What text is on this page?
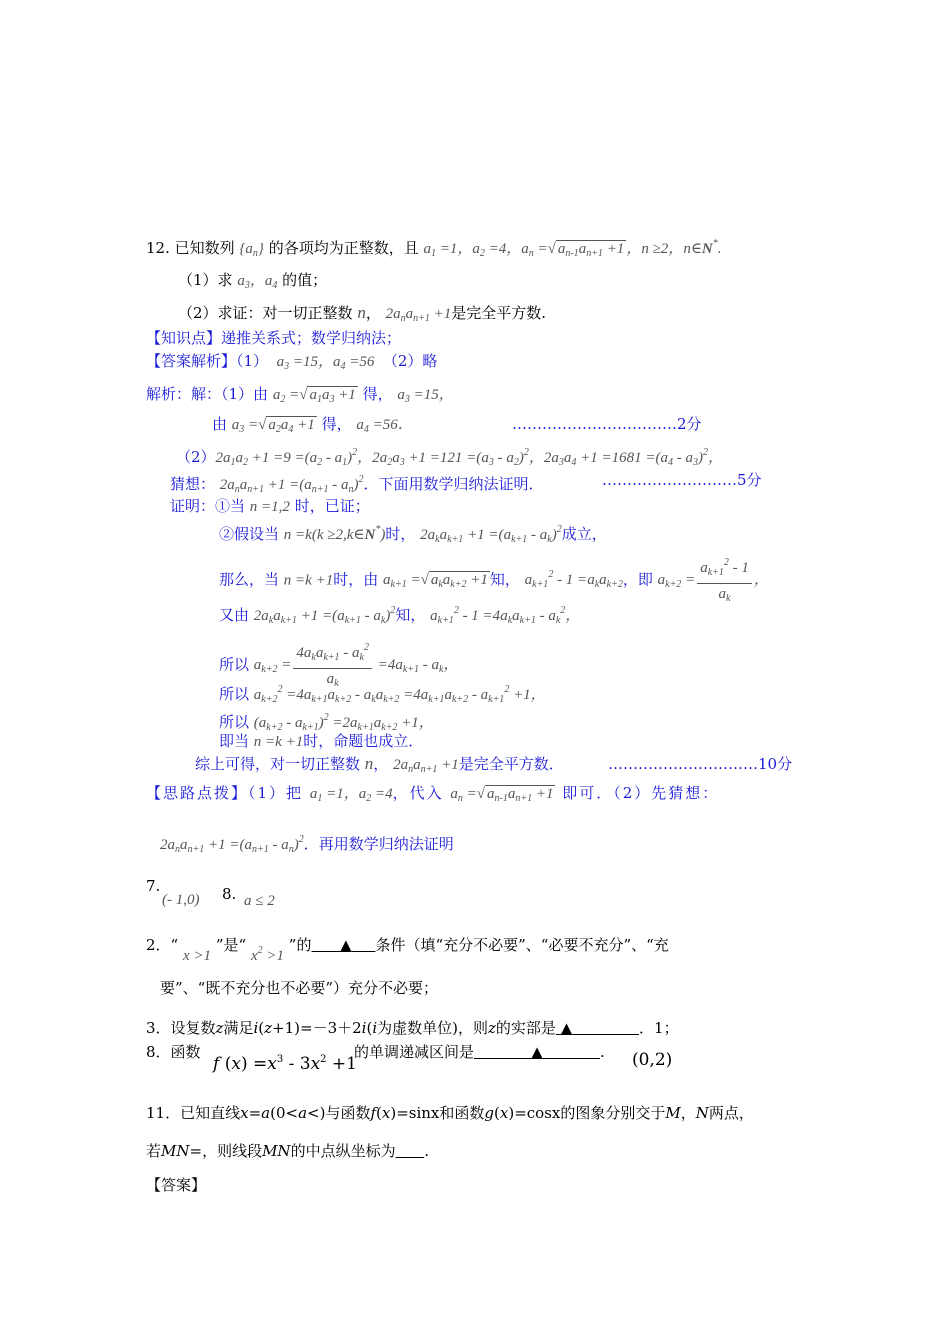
12. 已知数列 $\{a_n\}$ 的各项均为正整数，且 $a_1 =1$，$a_2 =4$，$a_n$ =√ $a_{n-1}a_{n+1} +1$ ，n ≥2，n∈N*.
（1）求 $a_3$，$a_4$ 的值；
（2）求证：对一切正整数 n， $2a_na_{n+1} +1$是完全平方数.
【知识点】递推关系式；数学归纳法；
【答案解析】（1） $a_3 =15$，$a_4 =56$  （2）略
解析：解：（1）由 $a_2$ =√ $a_1a_3 +1$ 得， $a_3 =15$，
由 $a_3$ =√ $a_2a_4 +1$ 得， $a_4 =56$．	……………………………2分
$(2)2a_1a_2 +1 =9 =(a_2 - a_1)^2$，$2a_2a_3 +1 =121 =(a_3 - a_2)^2$，$2a_3a_4 +1 =1681 =(a_4 - a_3)^2$，
猜想： $2a_na_{n+1} +1 =(a_{n+1} - a_n)^2$．下面用数学归纳法证明．	………………………5分
证明：①当 n =1,2 时，已证；
②假设当 n =k(k ≥2,k∈N*)时， $2a_ka_{k+1} +1 =(a_{k+1} - a_k)^2$成立，
那么，当 n =k +1时，由 $a_{k+1}$ =√ $a_ka_{k+2} +1$ 知， $a_{k+1}^2 - 1 =a_ka_{k+2}$，即 $a_{k+2} = \frac{a_{k+1}^2 - 1}{a_k}$ ，
又由 $2a_ka_{k+1} +1 =(a_{k+1} - a_k)^2$知， $a_{k+1}^2 - 1 =4a_ka_{k+1} - a_k^2$，
所以 $a_{k+2} = \frac{4a_ka_{k+1} - a_k^2}{a_k} =4a_{k+1} - a_k$，
所以 $a_{k+2}^2 =4a_{k+1}a_{k+2} - a_ka_{k+2} =4a_{k+1}a_{k+2} - a_{k+1}^2 +1$，
所以 $(a_{k+2} - a_{k+1})^2 =2a_{k+1}a_{k+2} +1$，
即当 n =k +1时，命题也成立．
综上可得，对一切正整数 n， $2a_na_{n+1} +1$是完全平方数．	…………………………10分
【思路点拨】（1）把 $a_1 =1$，$a_2 =4$，代入 $a_n$ =√ $a_{n-1}a_{n+1} +1$ 即可．（2）先猜想：
$2a_na_{n+1} +1 =(a_{n+1} - a_n)^2$．再用数学归纳法证明
7.
(- 1,0) 8. a ≤ 2
2．“ x >1 ”是“ $x^2 >1$ ”的 ▲ 条件（填“充分不必要”、“必要不充分”、“充
要”、“既不充分也不必要”）充分不必要；
3．设复数z满足i(z+1)=－3＋2i(i为虚数单位)，则z的实部是 ▲	．1；
8．函数
f $(x) =x^3 - 3x^2 +1$
的单调递减区间是	▲	. (0,2)
11．已知直线x=a(0<a<)与函数f(x)=sinx和函数g(x)=cosx的图象分别交于M，N两点，
若MN=，则线段MN的中点纵坐标为 .
【答案】
